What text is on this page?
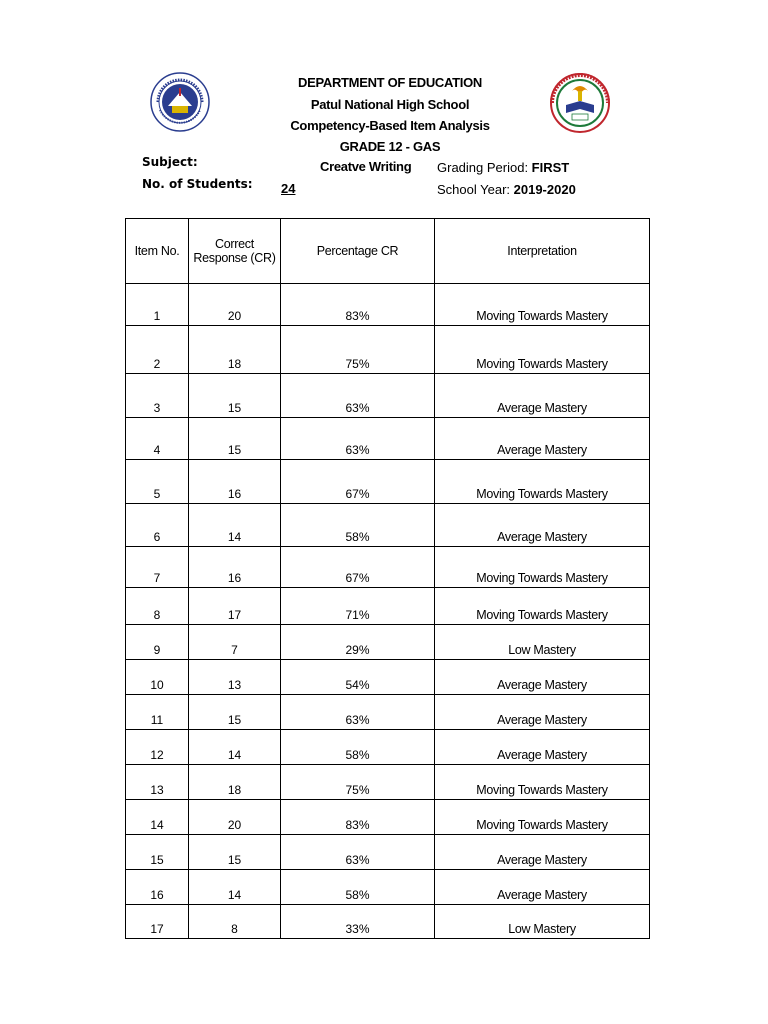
DEPARTMENT OF EDUCATION
Patul National High School
Competency-Based Item Analysis
GRADE 12 - GAS
Subject:	Creatve Writing
No. of Students: 24
Grading Period: FIRST
School Year: 2019-2020
Item No.	Correct Response (CR)	Percentage CR	Interpretation
1	20	83%	Moving Towards Mastery
2	18	75%	Moving Towards Mastery
3	15	63%	Average Mastery
4	15	63%	Average Mastery
5	16	67%	Moving Towards Mastery
6	14	58%	Average Mastery
7	16	67%	Moving Towards Mastery
8	17	71%	Moving Towards Mastery
9	7	29%	Low Mastery
10	13	54%	Average Mastery
11	15	63%	Average Mastery
12	14	58%	Average Mastery
13	18	75%	Moving Towards Mastery
14	20	83%	Moving Towards Mastery
15	15	63%	Average Mastery
16	14	58%	Average Mastery
17	8	33%	Low Mastery
